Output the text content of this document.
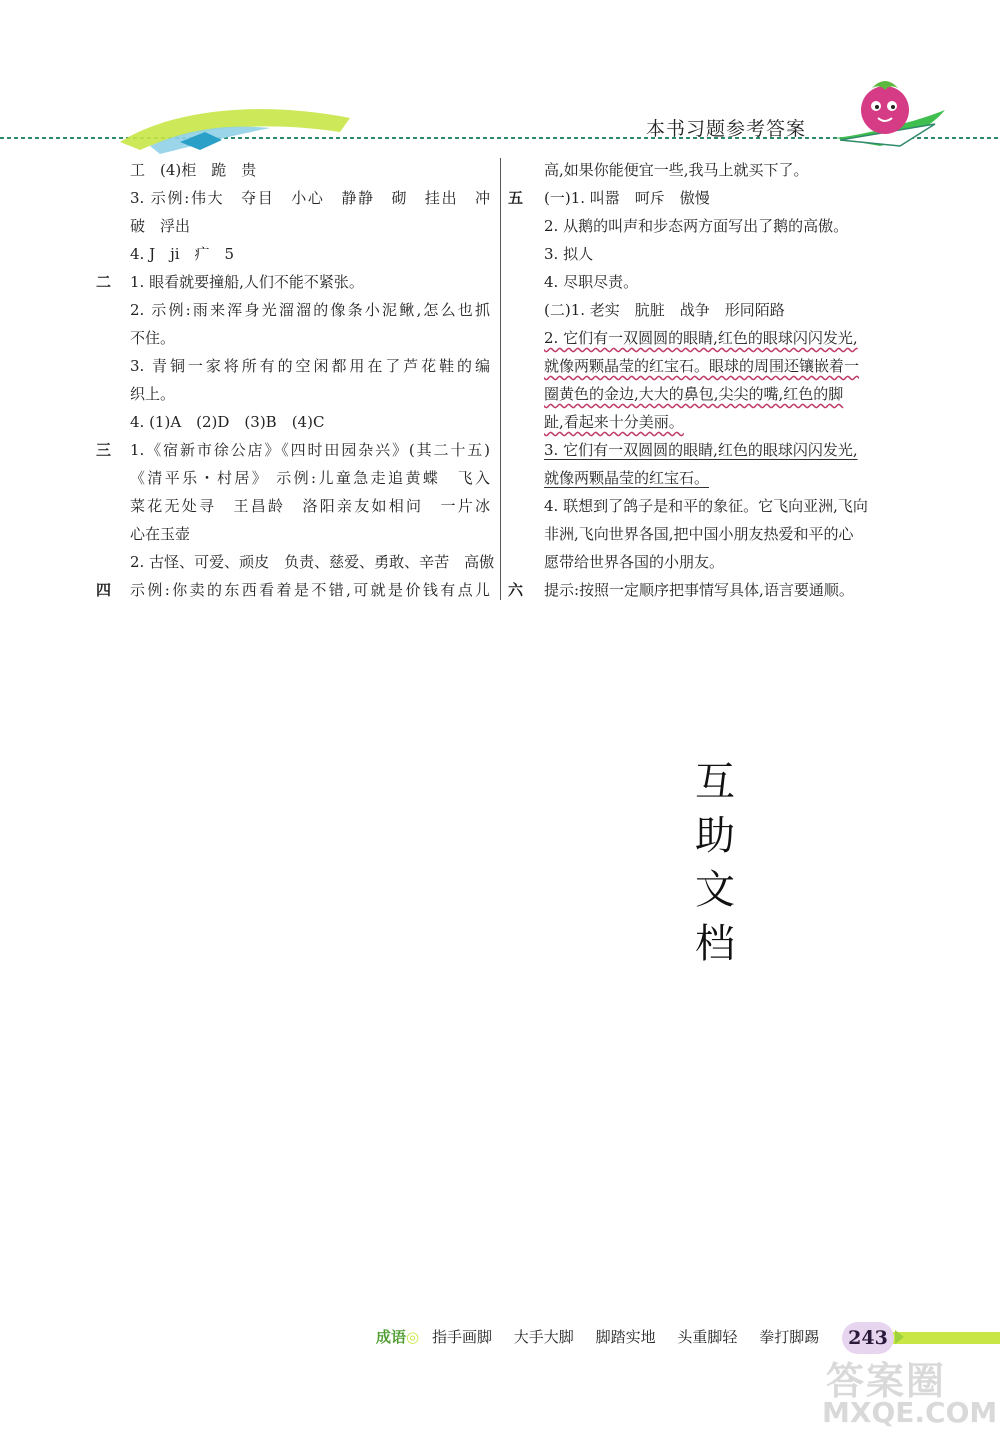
本书习题参考答案
工　(4)柜　跪　贵
3. 示例:伟大　夺目　小心　静静　砌　挂出　冲
破　浮出
4. J　ji　疒　5
二 1. 眼看就要撞船,人们不能不紧张。
2. 示例:雨来浑身光溜溜的像条小泥鳅,怎么也抓
不住。
3. 青铜一家将所有的空闲都用在了芦花鞋的编
织上。
4. (1)A　(2)D　(3)B　(4)C
三 1.《宿新市徐公店》《四时田园杂兴》(其二十五)
《清平乐・村居》 示例:儿童急走追黄蝶　飞入
菜花无处寻　王昌龄　洛阳亲友如相问　一片冰
心在玉壶
2. 古怪、可爱、顽皮　负责、慈爱、勇敢、辛苦　高傲
四 示例:你卖的东西看着是不错,可就是价钱有点儿
高,如果你能便宜一些,我马上就买下了。
五 (一)1. 叫嚣　呵斥　傲慢
2. 从鹅的叫声和步态两方面写出了鹅的高傲。
3. 拟人
4. 尽职尽责。
(二)1. 老实　肮脏　战争　形同陌路
2. 它们有一双圆圆的眼睛,红色的眼球闪闪发光,
就像两颗晶莹的红宝石。眼球的周围还镶嵌着一
圈黄色的金边,大大的鼻包,尖尖的嘴,红色的脚
趾,看起来十分美丽。
3. 它们有一双圆圆的眼睛,红色的眼球闪闪发光,
就像两颗晶莹的红宝石。
4. 联想到了鸽子是和平的象征。它飞向亚洲,飞向
非洲,飞向世界各国,把中国小朋友热爱和平的心
愿带给世界各国的小朋友。
六 提示:按照一定顺序把事情写具体,语言要通顺。
互
助
文
档
成语◎ 指手画脚 大手大脚 脚踏实地 头重脚轻 拳打脚踢	243
答案圈
MXQE.COM
